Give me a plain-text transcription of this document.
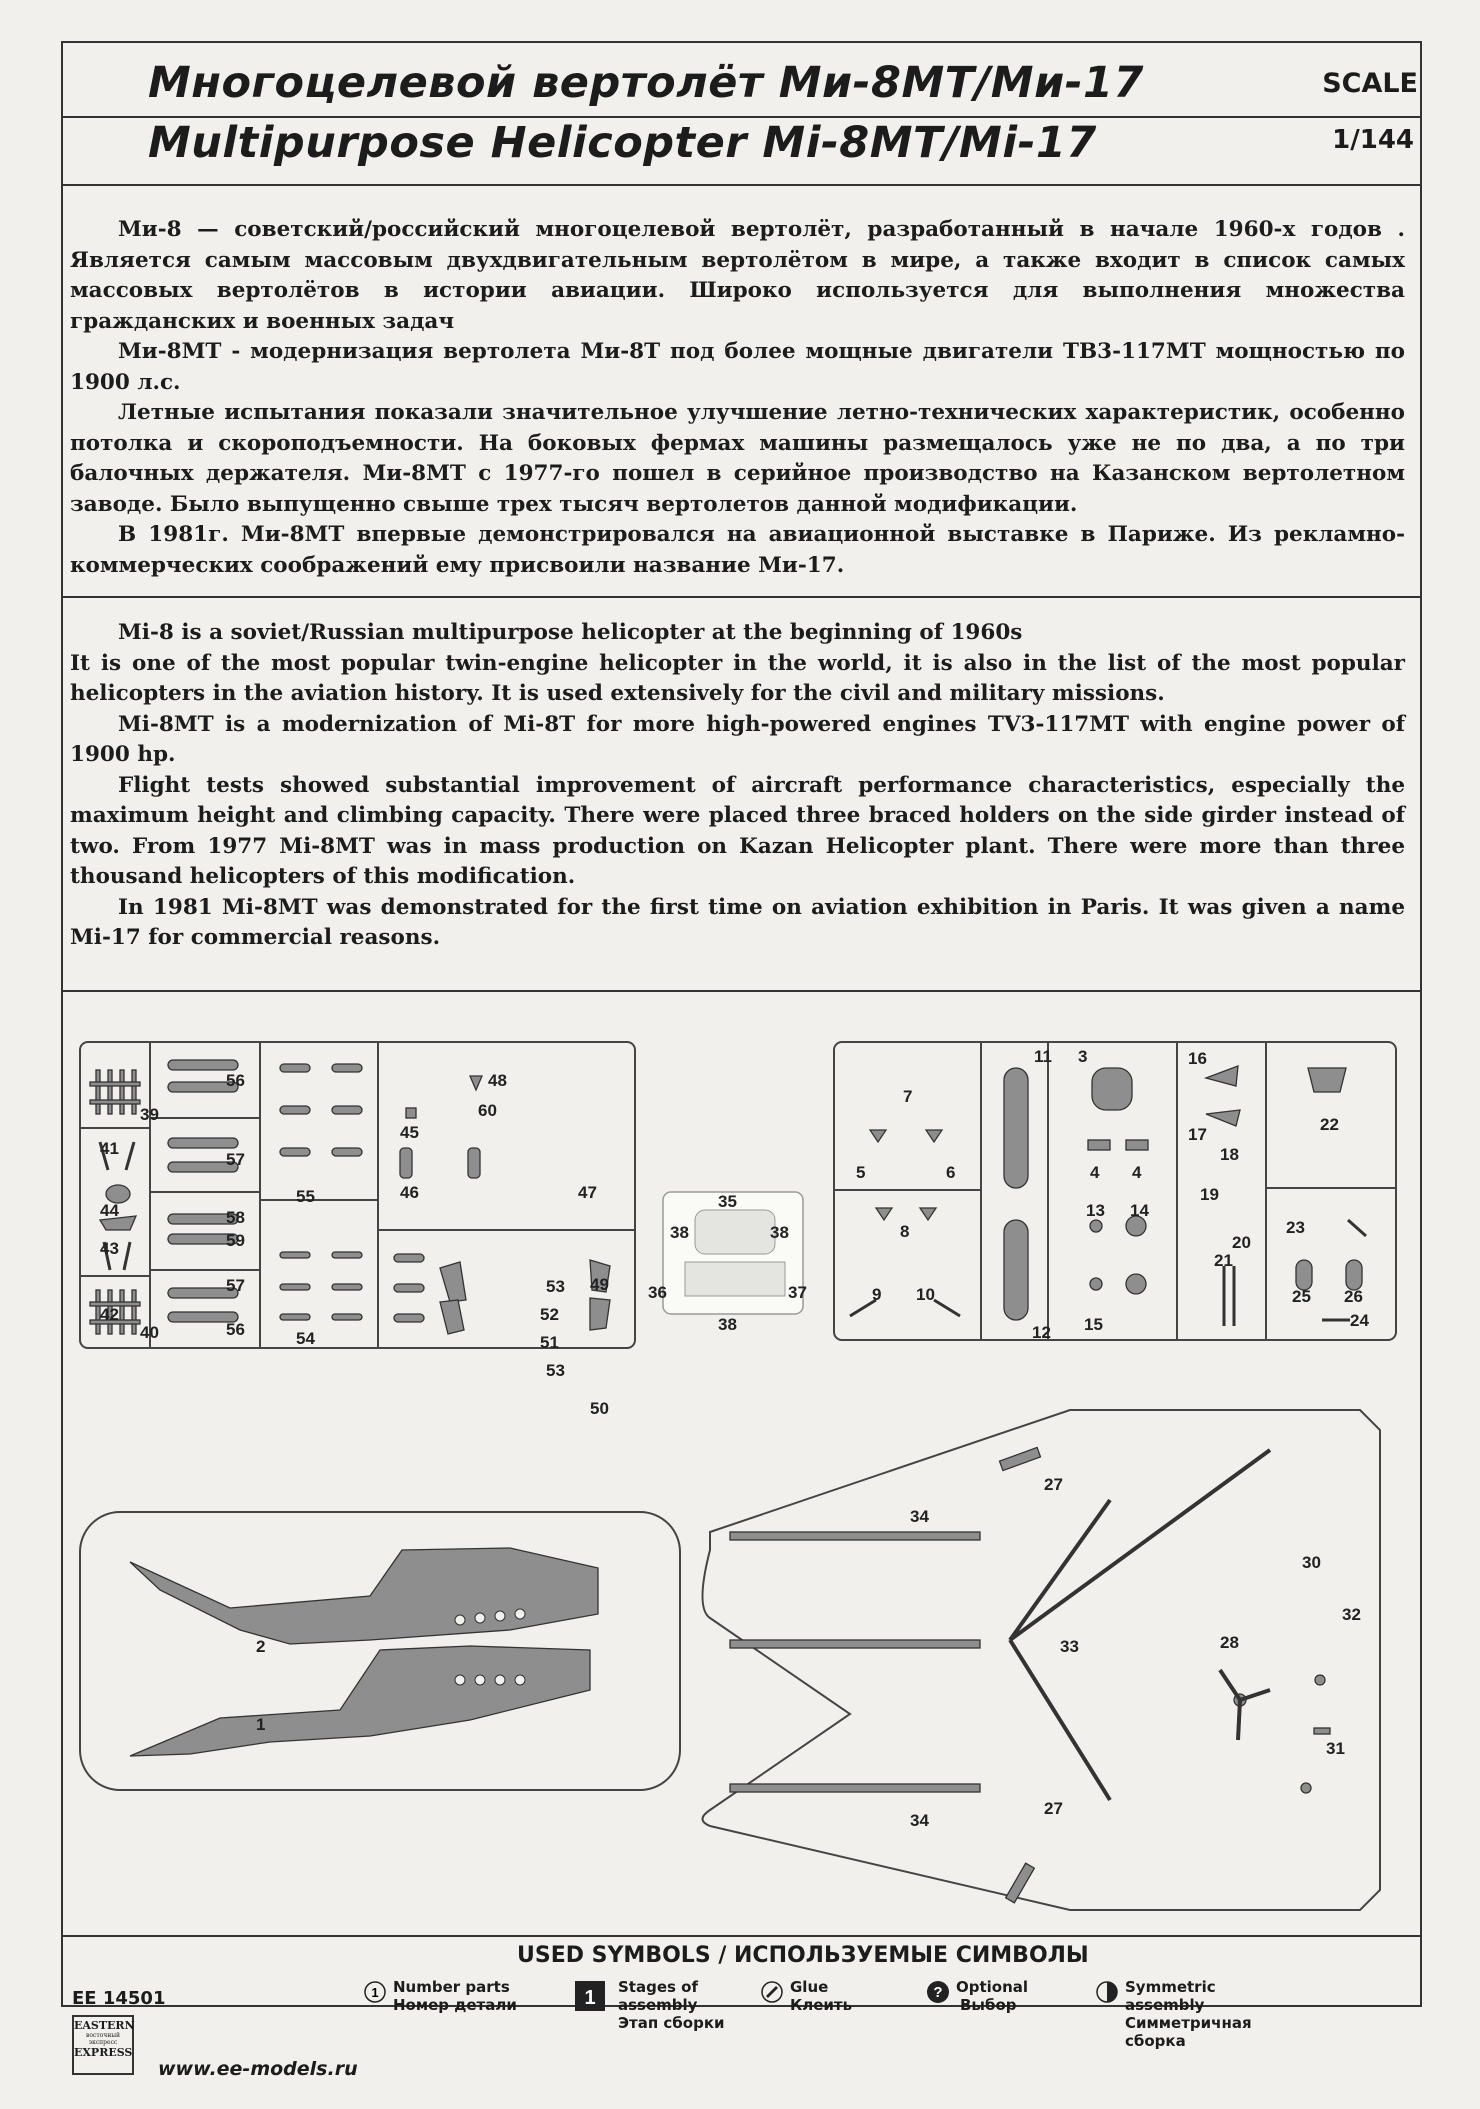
Многоцелевой вертолёт Ми-8МТ/Ми-17
Multipurpose Helicopter Mi-8MT/Mi-17
SCALE
1/144

Ми-8 — советский/российский многоцелевой вертолёт, разработанный в начале 1960-х годов . Является самым массовым двухдвигательным вертолётом в мире, а также входит в список самых массовых вертолётов в истории авиации. Широко используется для выполнения множества гражданских и военных задач

Ми-8МТ - модернизация вертолета Ми-8Т под более мощные двигатели ТВ3-117МТ мощностью по 1900 л.с.

Летные испытания показали значительное улучшение летно-технических характеристик, особенно потолка и скороподъемности. На боковых фермах машины размещалось уже не по два, а по три балочных держателя. Ми-8МТ с 1977-го пошел в серийное производство на Казанском вертолетном заводе. Было выпущенно свыше трех тысяч вертолетов данной модификации.

В 1981г. Ми-8МТ впервые демонстрировался на авиационной выставке в Париже. Из рекламно-коммерческих соображений ему присвоили название Ми-17.

Mi-8 is a soviet/Russian multipurpose helicopter at the beginning of 1960s

It is one of the most popular twin-engine helicopter in the world, it is also in the list of the most popular helicopters in the aviation history. It is used extensively for the civil and military missions.

Mi-8MT is a modernization of Mi-8T for more high-powered engines TV3-117MT with engine power of 1900 hp.

Flight tests showed substantial improvement of aircraft performance characteristics, especially the maximum height and climbing capacity. There were placed three braced holders on the side girder instead of two. From 1977 Mi-8MT was in mass production on Kazan Helicopter plant. There were more than three thousand helicopters of this modification.

In 1981 Mi-8MT was demonstrated for the first time on aviation exhibition in Paris. It was given a name Mi-17 for commercial reasons.

39
56
41
44
43
42
40
57
58
59
57
56
55
54
48
60
45
46	47
53 49
52
51
53
50
35
38	38
36	37
38
7
5	6
8
9 10
11
12
3
4 4
13 14
15
16
17
18
19
20
21
22
23
25 26
24
2
1
27
34
33
34
27
30
32
28
31
USED SYMBOLS / ИСПОЛЬЗУЕМЫЕ СИМВОЛЫ
1 Number parts
Номер детали	1 Stages of assembly
Этап сборки
Glue
Клеить
? Optional
Выбор
Symmetric assembly
Симметричная сборка
EE 14501
EASTERN
восточный экспресс
EXPRESS
www.ee-models.ru
